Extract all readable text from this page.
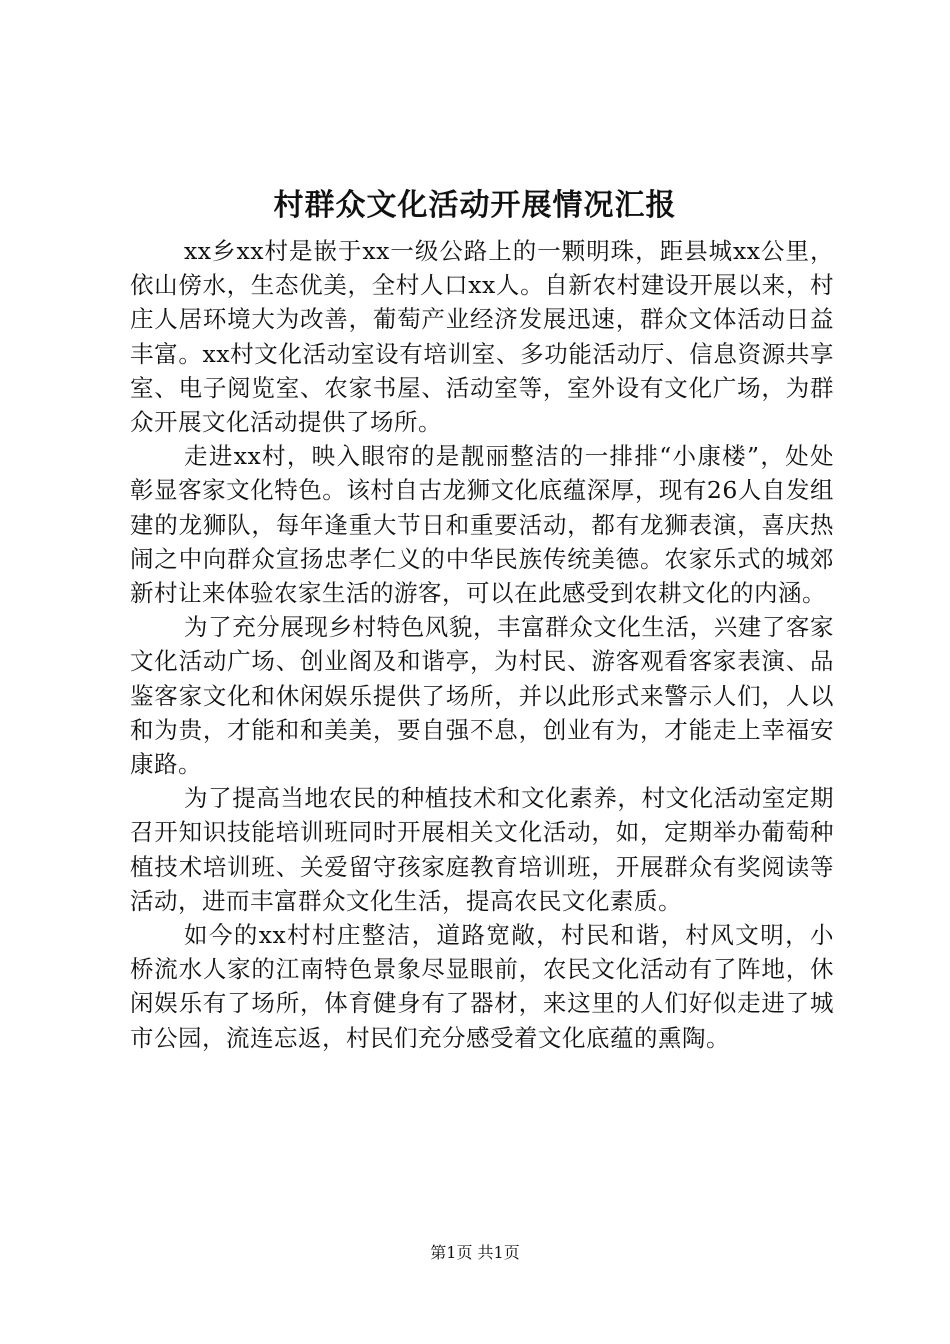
村群众文化活动开展情况汇报

xx乡xx村是嵌于xx一级公路上的一颗明珠，距县城xx公里，依山傍水，生态优美，全村人口xx人。自新农村建设开展以来，村庄人居环境大为改善，葡萄产业经济发展迅速，群众文体活动日益丰富。xx村文化活动室设有培训室、多功能活动厅、信息资源共享室、电子阅览室、农家书屋、活动室等，室外设有文化广场，为群众开展文化活动提供了场所。

走进xx村，映入眼帘的是靓丽整洁的一排排“小康楼”，处处彰显客家文化特色。该村自古龙狮文化底蕴深厚，现有26人自发组建的龙狮队，每年逢重大节日和重要活动，都有龙狮表演，喜庆热闹之中向群众宣扬忠孝仁义的中华民族传统美德。农家乐式的城郊新村让来体验农家生活的游客，可以在此感受到农耕文化的内涵。

为了充分展现乡村特色风貌，丰富群众文化生活，兴建了客家文化活动广场、创业阁及和谐亭，为村民、游客观看客家表演、品鉴客家文化和休闲娱乐提供了场所，并以此形式来警示人们，人以和为贵，才能和和美美，要自强不息，创业有为，才能走上幸福安康路。

为了提高当地农民的种植技术和文化素养，村文化活动室定期召开知识技能培训班同时开展相关文化活动，如，定期举办葡萄种植技术培训班、关爱留守孩家庭教育培训班，开展群众有奖阅读等活动，进而丰富群众文化生活，提高农民文化素质。

如今的xx村村庄整洁，道路宽敞，村民和谐，村风文明，小桥流水人家的江南特色景象尽显眼前，农民文化活动有了阵地，休闲娱乐有了场所，体育健身有了器材，来这里的人们好似走进了城市公园，流连忘返，村民们充分感受着文化底蕴的熏陶。

第1页 共1页
